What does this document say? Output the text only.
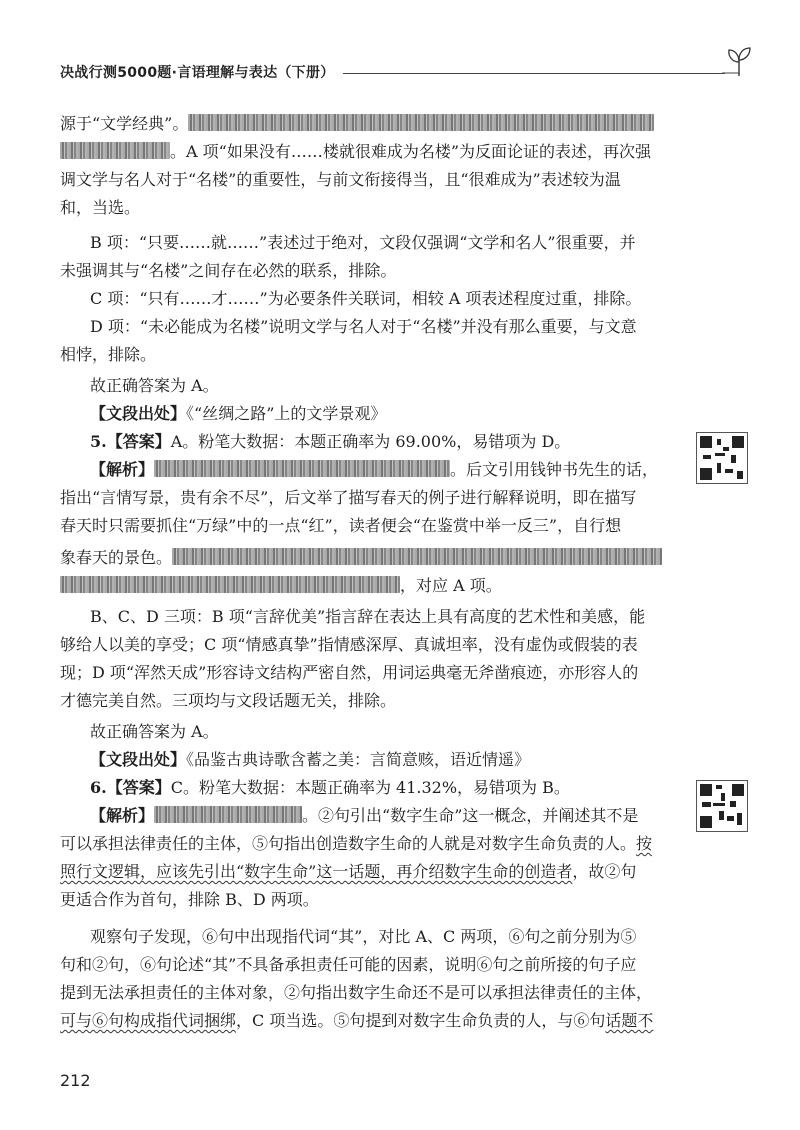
决战行测5000题·言语理解与表达（下册）
源于“文学经典”。
。A 项“如果没有……楼就很难成为名楼”为反面论证的表述，再次强
调文学与名人对于“名楼”的重要性，与前文衔接得当，且“很难成为”表述较为温
和，当选。
B 项：“只要……就……”表述过于绝对，文段仅强调“文学和名人”很重要，并
未强调其与“名楼”之间存在必然的联系，排除。
C 项：“只有……才……”为必要条件关联词，相较 A 项表述程度过重，排除。
D 项：“未必能成为名楼”说明文学与名人对于“名楼”并没有那么重要，与文意
相悖，排除。
故正确答案为 A。
【文段出处】《“丝绸之路”上的文学景观》
5.【答案】A。粉笔大数据：本题正确率为 69.00%，易错项为 D。
【解析】	。后文引用钱钟书先生的话，
指出“言情写景，贵有余不尽”，后文举了描写春天的例子进行解释说明，即在描写
春天时只需要抓住“万绿”中的一点“红”，读者便会“在鉴赏中举一反三”，自行想
象春天的景色。
，对应 A 项。
B、C、D 三项：B 项“言辞优美”指言辞在表达上具有高度的艺术性和美感，能
够给人以美的享受；C 项“情感真挚”指情感深厚、真诚坦率，没有虚伪或假装的表
现；D 项“浑然天成”形容诗文结构严密自然，用词运典毫无斧凿痕迹，亦形容人的
才德完美自然。三项均与文段话题无关，排除。
故正确答案为 A。
【文段出处】《品鉴古典诗歌含蓄之美：言简意赅，语近情遥》
6.【答案】C。粉笔大数据：本题正确率为 41.32%，易错项为 B。
【解析】	。②句引出“数字生命”这一概念，并阐述其不是
可以承担法律责任的主体，⑤句指出创造数字生命的人就是对数字生命负责的人。按
照行文逻辑，应该先引出“数字生命”这一话题，再介绍数字生命的创造者，故②句
更适合作为首句，排除 B、D 两项。
观察句子发现，⑥句中出现指代词“其”，对比 A、C 两项，⑥句之前分别为⑤
句和②句，⑥句论述“其”不具备承担责任可能的因素，说明⑥句之前所接的句子应
提到无法承担责任的主体对象，②句指出数字生命还不是可以承担法律责任的主体，
可与⑥句构成指代词捆绑，C 项当选。⑤句提到对数字生命负责的人，与⑥句话题不
212
